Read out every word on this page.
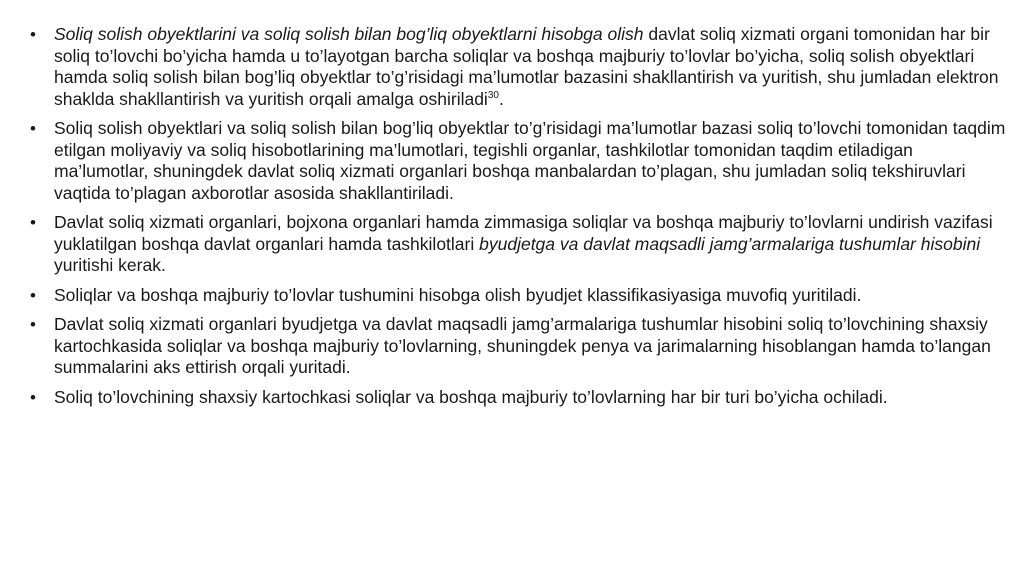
• Soliq solish obyektlarini va soliq solish bilan bog’liq obyektlarni hisobga olish davlat soliq xizmati organi tomonidan har bir soliq to’lovchi bo’yicha hamda u to’layotgan barcha soliqlar va boshqa majburiy to’lovlar bo’yicha, soliq solish obyektlari hamda soliq solish bilan bog’liq obyektlar to’g’risidagi ma’lumotlar bazasini shakllantirish va yuritish, shu jumladan elektron shaklda shakllantirish va yuritish orqali amalga oshiriladi$^{30}$.
• Soliq solish obyektlari va soliq solish bilan bog’liq obyektlar to’g’risidagi ma’lumotlar bazasi soliq to’lovchi tomonidan taqdim etilgan moliyaviy va soliq hisobotlarining ma’lumotlari, tegishli organlar, tashkilotlar tomonidan taqdim etiladigan ma’lumotlar, shuningdek davlat soliq xizmati organlari boshqa manbalardan to’plagan, shu jumladan soliq tekshiruvlari vaqtida to’plagan axborotlar asosida shakllantiriladi.
• Davlat soliq xizmati organlari, bojxona organlari hamda zimmasiga soliqlar va boshqa majburiy to’lovlarni undirish vazifasi yuklatilgan boshqa davlat organlari hamda tashkilotlari byudjetga va davlat maqsadli jamg’armalariga tushumlar hisobini yuritishi kerak.
• Soliqlar va boshqa majburiy to’lovlar tushumini hisobga olish byudjet klassifikasiyasiga muvofiq yuritiladi.
• Davlat soliq xizmati organlari byudjetga va davlat maqsadli jamg’armalariga tushumlar hisobini soliq to’lovchining shaxsiy kartochkasida soliqlar va boshqa majburiy to’lovlarning, shuningdek penya va jarimalarning hisoblangan hamda to’langan summalarini aks ettirish orqali yuritadi.
• Soliq to’lovchining shaxsiy kartochkasi soliqlar va boshqa majburiy to’lovlarning har bir turi bo’yicha ochiladi.
